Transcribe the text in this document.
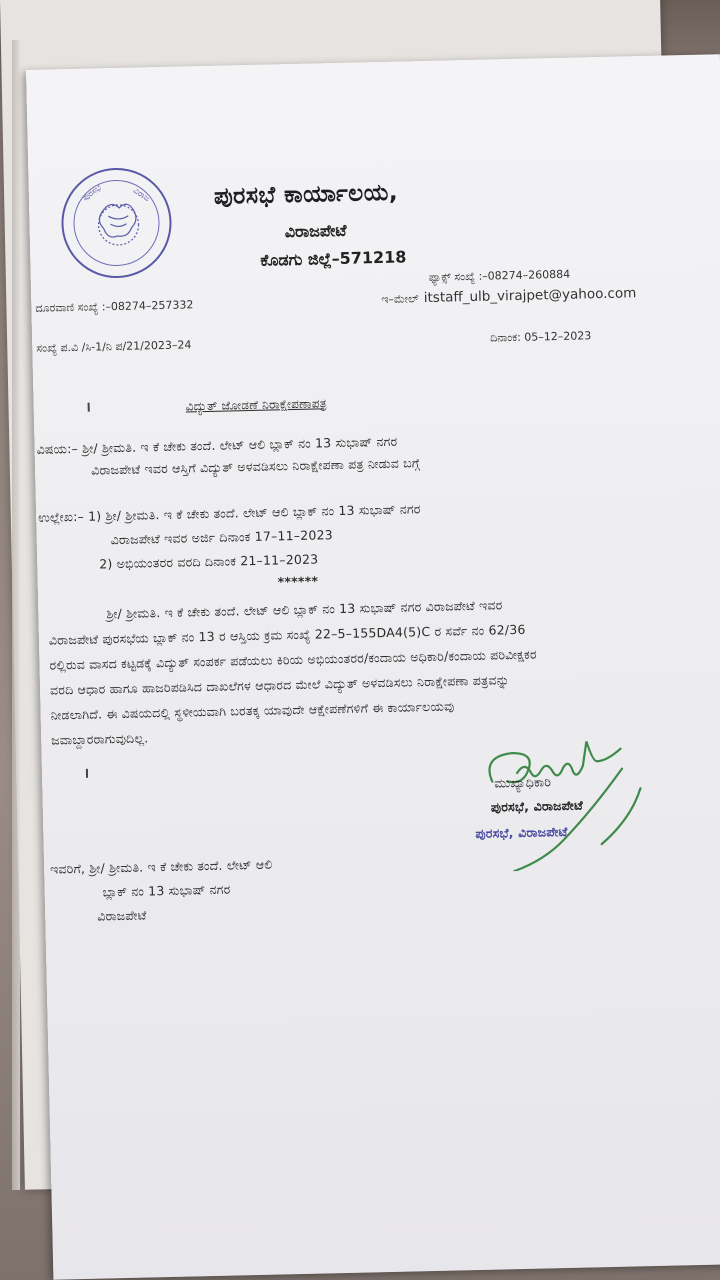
ಪುರಸಭೆ	ವಿರಾಜ	ಪುರಸಭೆ ಕಾರ್ಯಾಲಯ,
ವಿರಾಜಪೇಟೆ
ಕೊಡಗು ಜಿಲ್ಲೆ–571218
ಫ್ಯಾಕ್ಸ್ ಸಂಖ್ಯೆ :–08274–260884
ದೂರವಾಣಿ ಸಂಖ್ಯೆ :–08274–257332	ಇ–ಮೇಲ್ itstaff_ulb_virajpet@yahoo.com
ಸಂಖ್ಯೆ ಪ.ವಿ /ಸಿ-1/ನಿ ಪ/21/2023–24
ದಿನಾಂಕ: 05–12–2023
ವಿದ್ಯುತ್ ಜೋಡಣೆ ನಿರಾಕ್ಷೇಪಣಾಪತ್ರ
ವಿಷಯ:– ಶ್ರೀ/ ಶ್ರೀಮತಿ. ಇ ಕೆ ಚೇಕು ತಂದೆ. ಲೇಟ್ ಆಲಿ ಬ್ಲಾಕ್ ನಂ 13 ಸುಭಾಷ್ ನಗರ
ವಿರಾಜಪೇಟೆ ಇವರ ಆಸ್ತಿಗೆ ವಿದ್ಯುತ್ ಅಳವಡಿಸಲು ನಿರಾಕ್ಷೇಪಣಾ ಪತ್ರ ನೀಡುವ ಬಗ್ಗೆ
ಉಲ್ಲೇಖ:– 1) ಶ್ರೀ/ ಶ್ರೀಮತಿ. ಇ ಕೆ ಚೇಕು ತಂದೆ. ಲೇಟ್ ಆಲಿ ಬ್ಲಾಕ್ ನಂ 13 ಸುಭಾಷ್ ನಗರ
ವಿರಾಜಪೇಟೆ ಇವರ ಅರ್ಜಿ ದಿನಾಂಕ 17–11–2023
2) ಅಭಿಯಂತರರ ವರದಿ ದಿನಾಂಕ 21–11–2023
******
ಶ್ರೀ/ ಶ್ರೀಮತಿ. ಇ ಕೆ ಚೇಕು ತಂದೆ. ಲೇಟ್ ಆಲಿ ಬ್ಲಾಕ್ ನಂ 13 ಸುಭಾಷ್ ನಗರ ವಿರಾಜಪೇಟೆ ಇವರ
ವಿರಾಜಪೇಟೆ ಪುರಸಭೆಯ ಬ್ಲಾಕ್ ನಂ 13 ರ ಆಸ್ತಿಯ ಕ್ರಮ ಸಂಖ್ಯೆ 22–5–155DA4(5)C ರ ಸರ್ವೆ ನಂ 62/36
ರಲ್ಲಿರುವ ವಾಸದ ಕಟ್ಟಡಕ್ಕೆ ವಿದ್ಯುತ್ ಸಂಪರ್ಕ ಪಡೆಯಲು ಕಿರಿಯ ಅಭಿಯಂತರರ/ಕಂದಾಯ ಅಧಿಕಾರಿ/ಕಂದಾಯ ಪರಿವೀಕ್ಷಕರ
ವರದಿ ಆಧಾರ ಹಾಗೂ ಹಾಜರಿಪಡಿಸಿದ ದಾಖಲೆಗಳ ಆಧಾರದ ಮೇಲೆ ವಿದ್ಯುತ್ ಅಳವಡಿಸಲು ನಿರಾಕ್ಷೇಪಣಾ ಪತ್ರವನ್ನು
ನೀಡಲಾಗಿದೆ. ಈ ವಿಷಯದಲ್ಲಿ ಸ್ಥಳೀಯವಾಗಿ ಬರತಕ್ಕ ಯಾವುದೇ ಆಕ್ಷೇಪಣೆಗಳಿಗೆ ಈ ಕಾರ್ಯಾಲಯವು
ಜವಾಬ್ದಾರರಾಗುವುದಿಲ್ಲ.
ಮುಖ್ಯಾಧಿಕಾರಿ
ಪುರಸಭೆ, ವಿರಾಜಪೇಟೆ
ಪುರಸಭೆ, ವಿರಾಜಪೇಟೆ
ಇವರಿಗೆ, ಶ್ರೀ/ ಶ್ರೀಮತಿ. ಇ ಕೆ ಚೇಕು ತಂದೆ. ಲೇಟ್ ಆಲಿ
ಬ್ಲಾಕ್ ನಂ 13 ಸುಭಾಷ್ ನಗರ
ವಿರಾಜಪೇಟೆ
